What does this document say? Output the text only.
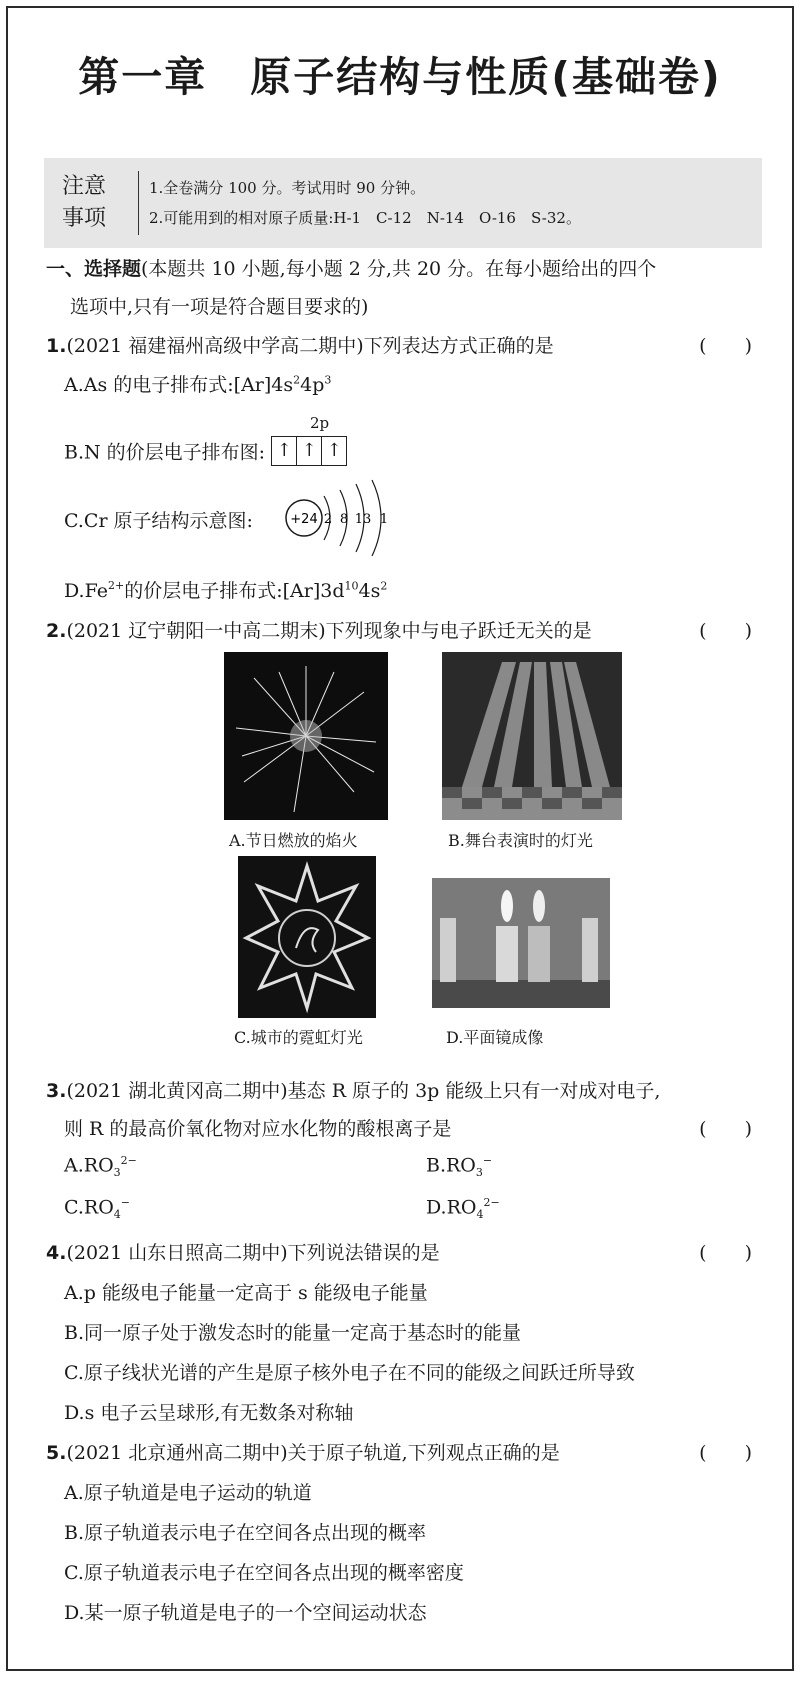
第一章　原子结构与性质(基础卷)
注意
事项
1.全卷满分 100 分。考试用时 90 分钟。
2.可能用到的相对原子质量:H-1　C-12　N-14　O-16　S-32。
一、选择题(本题共 10 小题,每小题 2 分,共 20 分。在每小题给出的四个
选项中,只有一项是符合题目要求的)
1.(2021 福建福州高级中学高二期中)下列表达方式正确的是	(　　)
A.As 的电子排布式$:[Ar]4s^24p^3$
2p
B.N 的价层电子排布图: ↑ ↑ ↑
C.Cr 原子结构示意图:	+24 2 8 13 1
$D.Fe^{2+}$的价层电子排布式$:[Ar]3d^{10}4s^2$
2.(2021 辽宁朝阳一中高二期末)下列现象中与电子跃迁无关的是	(　　)
A.节日燃放的焰火	B.舞台表演时的灯光
C.城市的霓虹灯光	D.平面镜成像
3.(2021 湖北黄冈高二期中)基态 R 原子的 3p 能级上只有一对成对电子,
则 R 的最高价氧化物对应水化物的酸根离子是	(　　)
$A.RO_3^{2-}$	$B.RO_3^-$
$C.RO_4^-$	$D.RO_4^{2-}$
4.(2021 山东日照高二期中)下列说法错误的是	(　　)
A.p 能级电子能量一定高于 s 能级电子能量
B.同一原子处于激发态时的能量一定高于基态时的能量
C.原子线状光谱的产生是原子核外电子在不同的能级之间跃迁所导致
D.s 电子云呈球形,有无数条对称轴
5.(2021 北京通州高二期中)关于原子轨道,下列观点正确的是	(　　)
A.原子轨道是电子运动的轨道
B.原子轨道表示电子在空间各点出现的概率
C.原子轨道表示电子在空间各点出现的概率密度
D.某一原子轨道是电子的一个空间运动状态
